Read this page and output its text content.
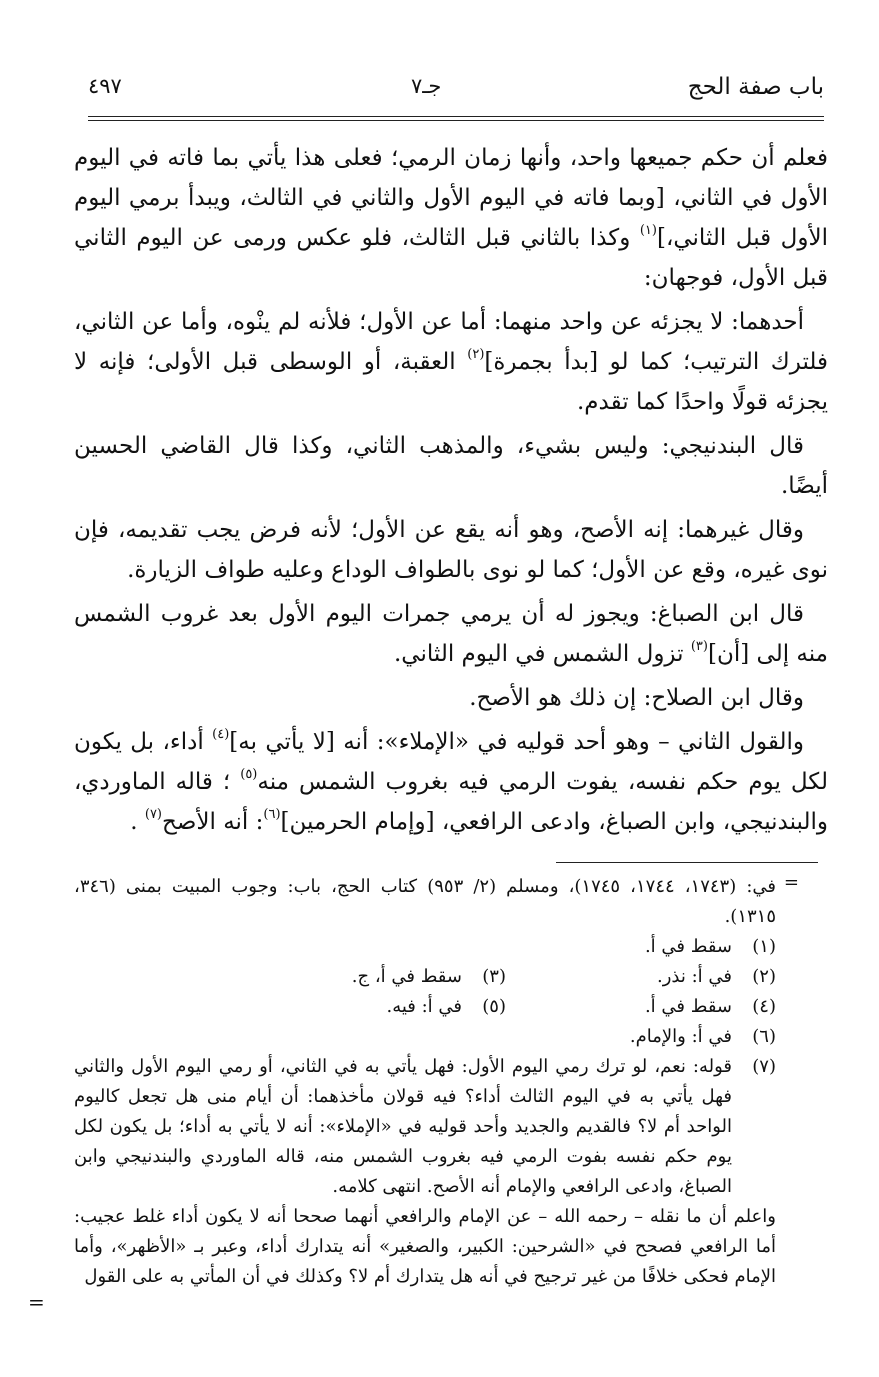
باب صفة الحج
جـ٧
٤٩٧

فعلم أن حكم جميعها واحد، وأنها زمان الرمي؛ فعلى هذا يأتي بما فاته في اليوم الأول في الثاني، [وبما فاته في اليوم الأول والثاني في الثالث، ويبدأ برمي اليوم الأول قبل الثاني،]$^{(١)}$ وكذا بالثاني قبل الثالث، فلو عكس ورمى عن اليوم الثاني قبل الأول، فوجهان:

أحدهما: لا يجزئه عن واحد منهما: أما عن الأول؛ فلأنه لم ينْوه، وأما عن الثاني، فلترك الترتيب؛ كما لو [بدأ بجمرة]$^{(٢)}$ العقبة، أو الوسطى قبل الأولى؛ فإنه لا يجزئه قولًا واحدًا كما تقدم.

قال البندنيجي: وليس بشيء، والمذهب الثاني، وكذا قال القاضي الحسين أيضًا.

وقال غيرهما: إنه الأصح، وهو أنه يقع عن الأول؛ لأنه فرض يجب تقديمه، فإن نوى غيره، وقع عن الأول؛ كما لو نوى بالطواف الوداع وعليه طواف الزيارة.

قال ابن الصباغ: ويجوز له أن يرمي جمرات اليوم الأول بعد غروب الشمس منه إلى [أن]$^{(٣)}$ تزول الشمس في اليوم الثاني.

وقال ابن الصلاح: إن ذلك هو الأصح.

والقول الثاني – وهو أحد قوليه في «الإملاء»: أنه [لا يأتي به]$^{(٤)}$ أداء، بل يكون لكل يوم حكم نفسه، يفوت الرمي فيه بغروب الشمس منه$^{(٥)}$ ؛ قاله الماوردي، والبندنيجي، وابن الصباغ، وادعى الرافعي، [وإمام الحرمين]$^{(٦)}$: أنه الأصح$^{(٧)}$ .

=

في: (١٧٤٣، ١٧٤٤، ١٧٤٥)، ومسلم (٢/ ٩٥٣) كتاب الحج، باب: وجوب المبيت بمنى (٣٤٦، ١٣١٥).

(١)
سقط في أ.
(٢)
في أ: نذر.
(٣)
سقط في أ، ج.
(٤)
سقط في أ.
(٥)
في أ: فيه.
(٦)
في أ: والإمام.
(٧)
قوله: نعم، لو ترك رمي اليوم الأول: فهل يأتي به في الثاني، أو رمي اليوم الأول والثاني فهل يأتي به في اليوم الثالث أداء؟ فيه قولان مأخذهما: أن أيام منى هل تجعل كاليوم الواحد أم لا؟ فالقديم والجديد وأحد قوليه في «الإملاء»: أنه لا يأتي به أداء؛ بل يكون لكل يوم حكم نفسه بفوت الرمي فيه بغروب الشمس منه، قاله الماوردي والبندنيجي وابن الصباغ، وادعى الرافعي والإمام أنه الأصح. انتهى كلامه.

واعلم أن ما نقله – رحمه الله – عن الإمام والرافعي أنهما صححا أنه لا يكون أداء غلط عجيب: أما الرافعي فصحح في «الشرحين: الكبير، والصغير» أنه يتدارك أداء، وعبر بـ «الأظهر»، وأما الإمام فحكى خلافًا من غير ترجيح في أنه هل يتدارك أم لا؟ وكذلك في أن المأتي به على القول

=
